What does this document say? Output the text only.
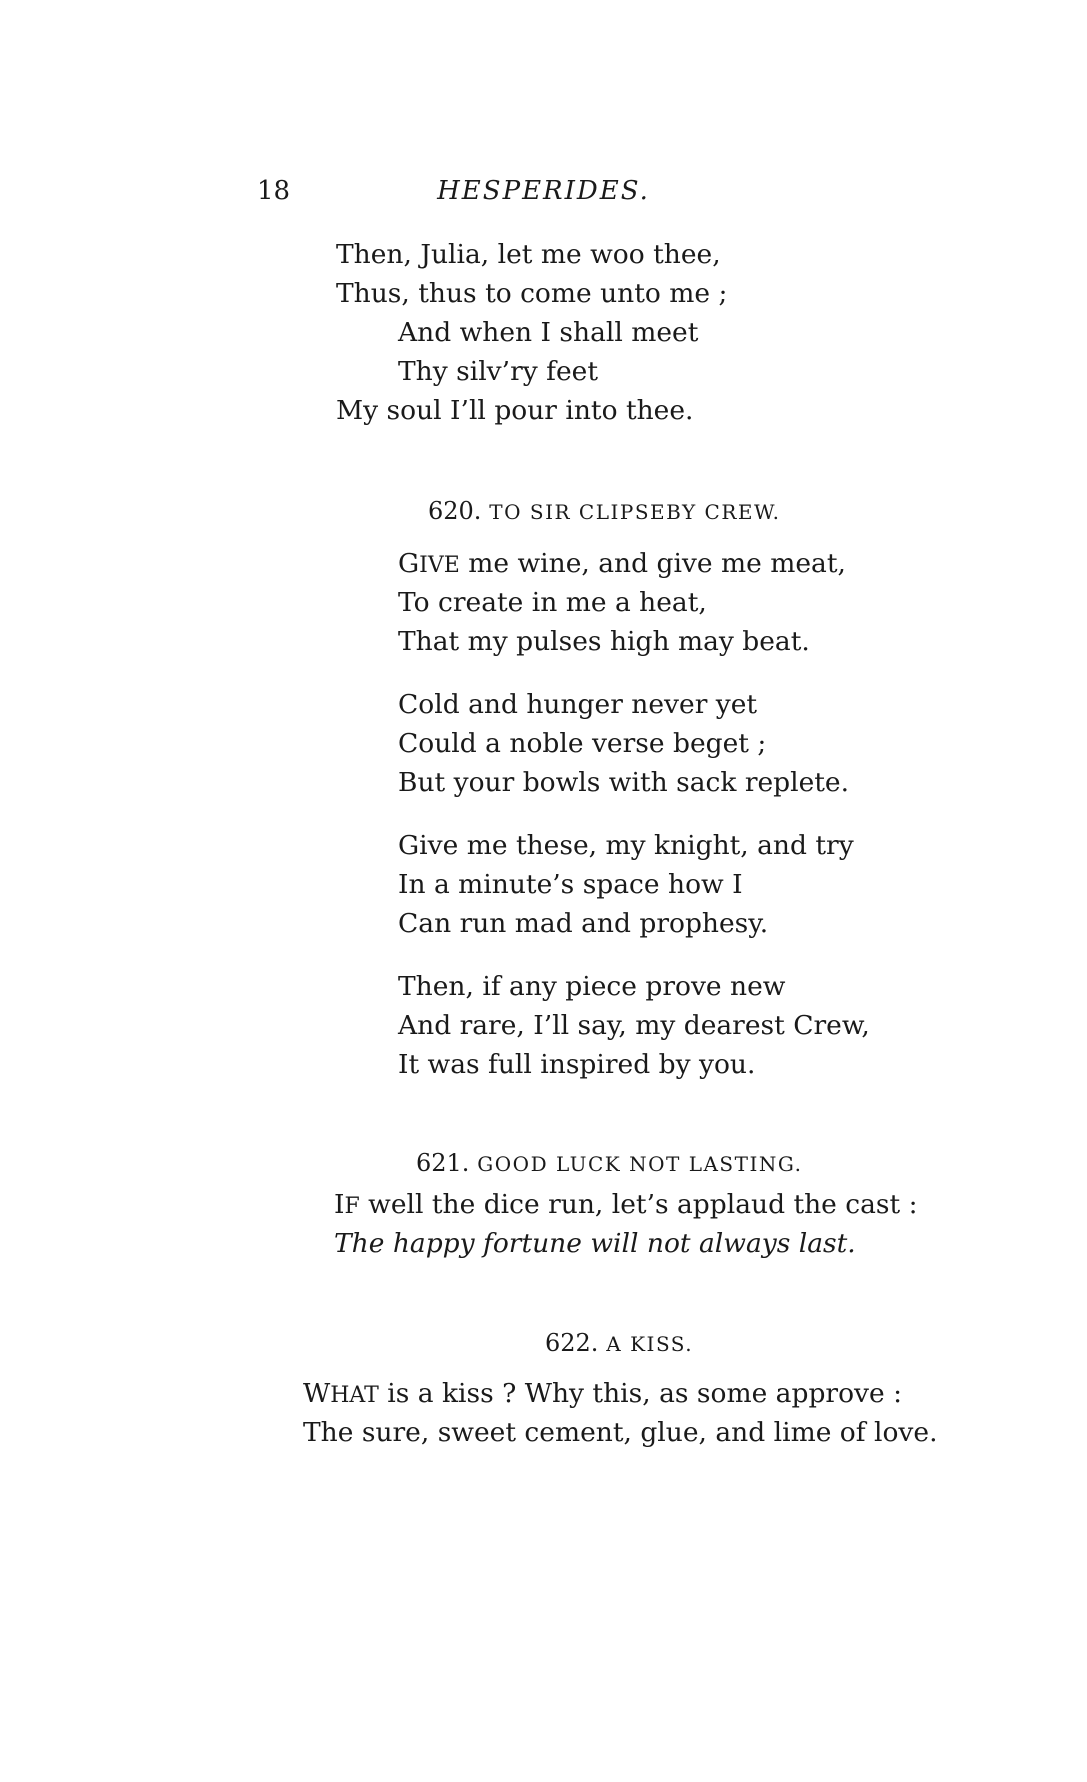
18	HESPERIDES.
Then, Julia, let me woo thee,
Thus, thus to come unto me ;
And when I shall meet
Thy silv’ry feet
My soul I’ll pour into thee.
620. TO SIR CLIPSEBY CREW.
GIVE me wine, and give me meat,
To create in me a heat,
That my pulses high may beat.
Cold and hunger never yet
Could a noble verse beget ;
But your bowls with sack replete.
Give me these, my knight, and try
In a minute’s space how I
Can run mad and prophesy.
Then, if any piece prove new
And rare, I’ll say, my dearest Crew,
It was full inspired by you.
621. GOOD LUCK NOT LASTING.
IF well the dice run, let’s applaud the cast :
The happy fortune will not always last.
622. A KISS.
WHAT is a kiss ? Why this, as some approve :
The sure, sweet cement, glue, and lime of love.
